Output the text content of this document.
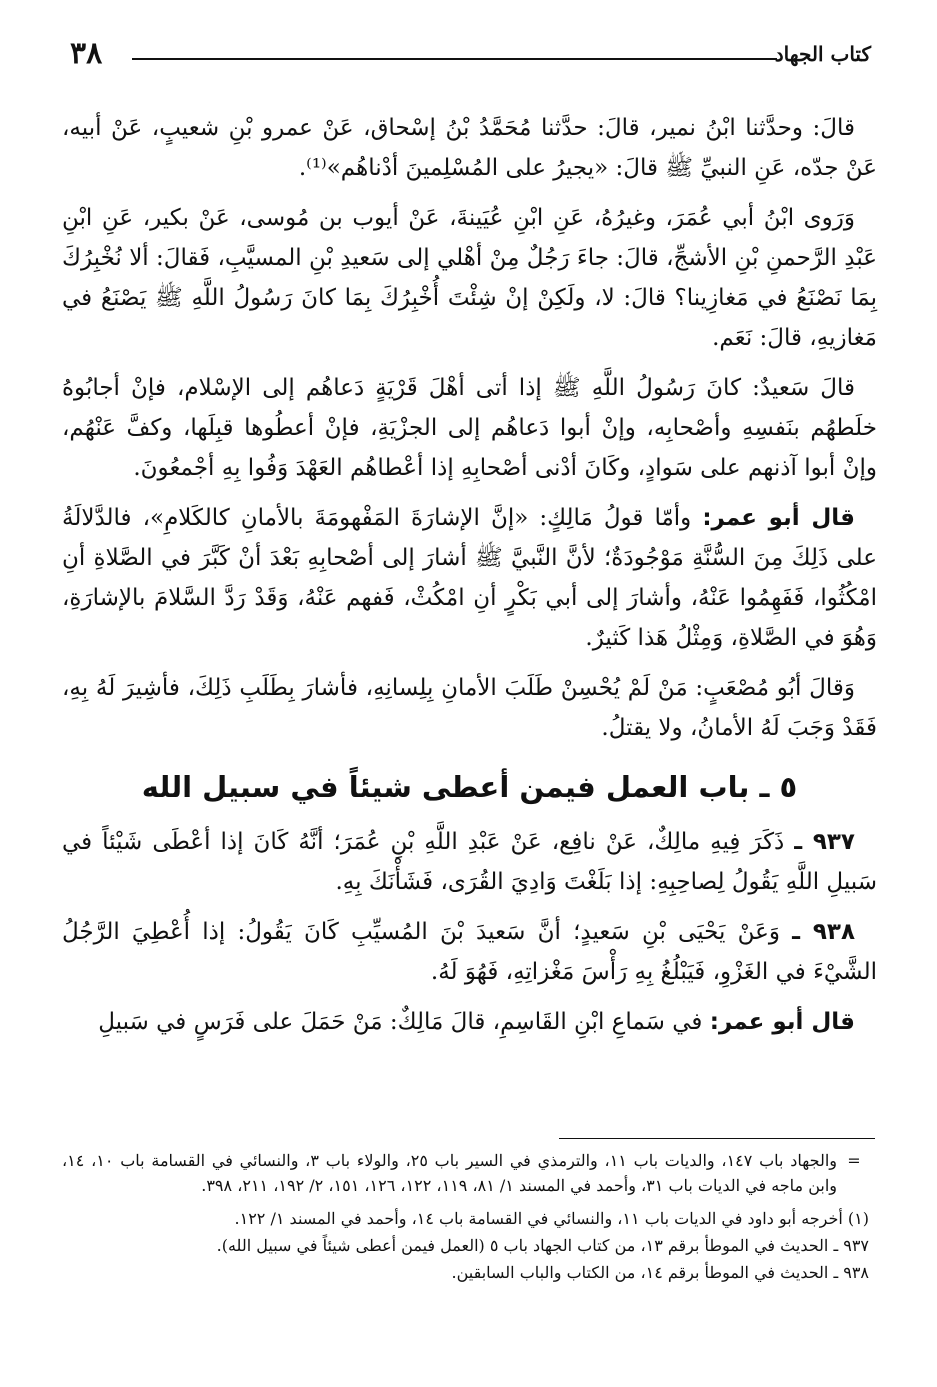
كتاب الجهاد
٣٨

قالَ: وحدَّثنا ابْنُ نمير، قالَ: حدَّثنا مُحَمَّدُ بْنُ إسْحاق، عَنْ عمرو بْنِ شعيبٍ، عَنْ أبيه، عَنْ جدّه، عَنِ النبيِّ ﷺ قالَ: «يجيرُ على المُسْلِمينَ أدْناهُم»⁽¹⁾.

وَرَوى ابْنُ أبي عُمَرَ، وغيرُهُ، عَنِ ابْنِ عُيَينةَ، عَنْ أيوب بن مُوسى، عَنْ بكير، عَنِ ابْنِ عَبْدِ الرَّحمنِ بْنِ الأشجِّ، قالَ: جاءَ رَجُلٌ مِنْ أهْلي إلى سَعيدِ بْنِ المسيَّبِ، فَقالَ: ألا نُخْبِرُكَ بِمَا نَصْنَعُ في مَغازِينا؟ قالَ: لا، ولَكِنْ إنْ شِئْتَ أُخْبِرُكَ بِمَا كانَ رَسُولُ اللَّهِ ﷺ يَصْنَعُ في مَغازيهِ، قالَ: نَعَم.

قالَ سَعيدٌ: كانَ رَسُولُ اللَّهِ ﷺ إذا أتى أهْلَ قَرْيَةٍ دَعاهُم إلى الإسْلام، فإنْ أجابُوهُ خلَطهُم بنَفسِهِ وأصْحابِه، وإنْ أبوا دَعاهُم إلى الجزْيَةِ، فإنْ أعطُوها قبِلَها، وكفَّ عَنْهُم، وإنْ أبوا آذنهم على سَوادٍ، وكَانَ أدْنى أصْحابِهِ إذا أعْطاهُم العَهْدَ وَفُوا بِهِ أجْمعُونَ.

قال أبو عمر: وأمّا قولُ مَالِكٍ: «إنَّ الإشارَةَ المَفْهومَةَ بالأمانِ كالكَلامِ»، فالدَّلالَةُ على ذَلِكَ مِنَ السُّنَّةِ مَوْجُودَةٌ؛ لأنَّ النَّبيَّ ﷺ أشارَ إلى أصْحابِهِ بَعْدَ أنْ كَبَّرَ في الصَّلاةِ أنِ امْكُثُوا، فَفَهِمُوا عَنْهُ، وأشارَ إلى أبي بَكْرٍ أنِ امْكُثْ، فَفهم عَنْهُ، وَقَدْ رَدَّ السَّلامَ بالإشارَةِ، وَهُوَ في الصَّلاةِ، وَمِثْلُ هَذا كَثيرٌ.

وَقالَ أبُو مُصْعَبٍ: مَنْ لَمْ يُحْسِنْ طَلَبَ الأمانِ بِلِسانِهِ، فأشارَ بِطَلَبِ ذَلِكَ، فأشِيرَ لَهُ بِهِ، فَقَدْ وَجَبَ لَهُ الأمانُ، ولا يقتلُ.

٥ ـ باب العمل فيمن أعطى شيئاً في سبيل الله

٩٣٧ ـ ذَكَرَ فِيهِ مالِكٌ، عَنْ نافِع، عَنْ عَبْدِ اللَّهِ بْنِ عُمَرَ؛ أنَّهُ كَانَ إذا أعْطَى شَيْئاً في سَبيلِ اللَّهِ يَقُولُ لِصاحِبِهِ: إذا بَلَغْتَ وَادِيَ القُرَى، فَشَأْنَكَ بِهِ.

٩٣٨ ـ وَعَنْ يَحْيَى بْنِ سَعيدٍ؛ أنَّ سَعيدَ بْنَ المُسيِّبِ كَانَ يَقُولُ: إذا أُعْطِيَ الرَّجُلُ الشَّيْءَ في الغَزْوِ، فَيَبْلُغُ بِهِ رَأْسَ مَغْزاتِهِ، فَهُوَ لَهُ.

قال أبو عمر: في سَماعِ ابْنِ القَاسِمِ، قالَ مَالِكٌ: مَنْ حَمَلَ على فَرَسٍ في سَبيلِ

=
والجهاد باب ١٤٧، والديات باب ١١، والترمذي في السير باب ٢٥، والولاء باب ٣، والنسائي في القسامة باب ١٠، ١٤، وابن ماجه في الديات باب ٣١، وأحمد في المسند ١/ ٨١، ١١٩، ١٢٢، ١٢٦، ١٥١، ٢/ ١٩٢، ٢١١، ٣٩٨.

(١) أخرجه أبو داود في الديات باب ١١، والنسائي في القسامة باب ١٤، وأحمد في المسند ١/ ١٢٢.

٩٣٧ ـ الحديث في الموطأ برقم ١٣، من كتاب الجهاد باب ٥ (العمل فيمن أعطى شيئاً في سبيل الله).

٩٣٨ ـ الحديث في الموطأ برقم ١٤، من الكتاب والباب السابقين.
